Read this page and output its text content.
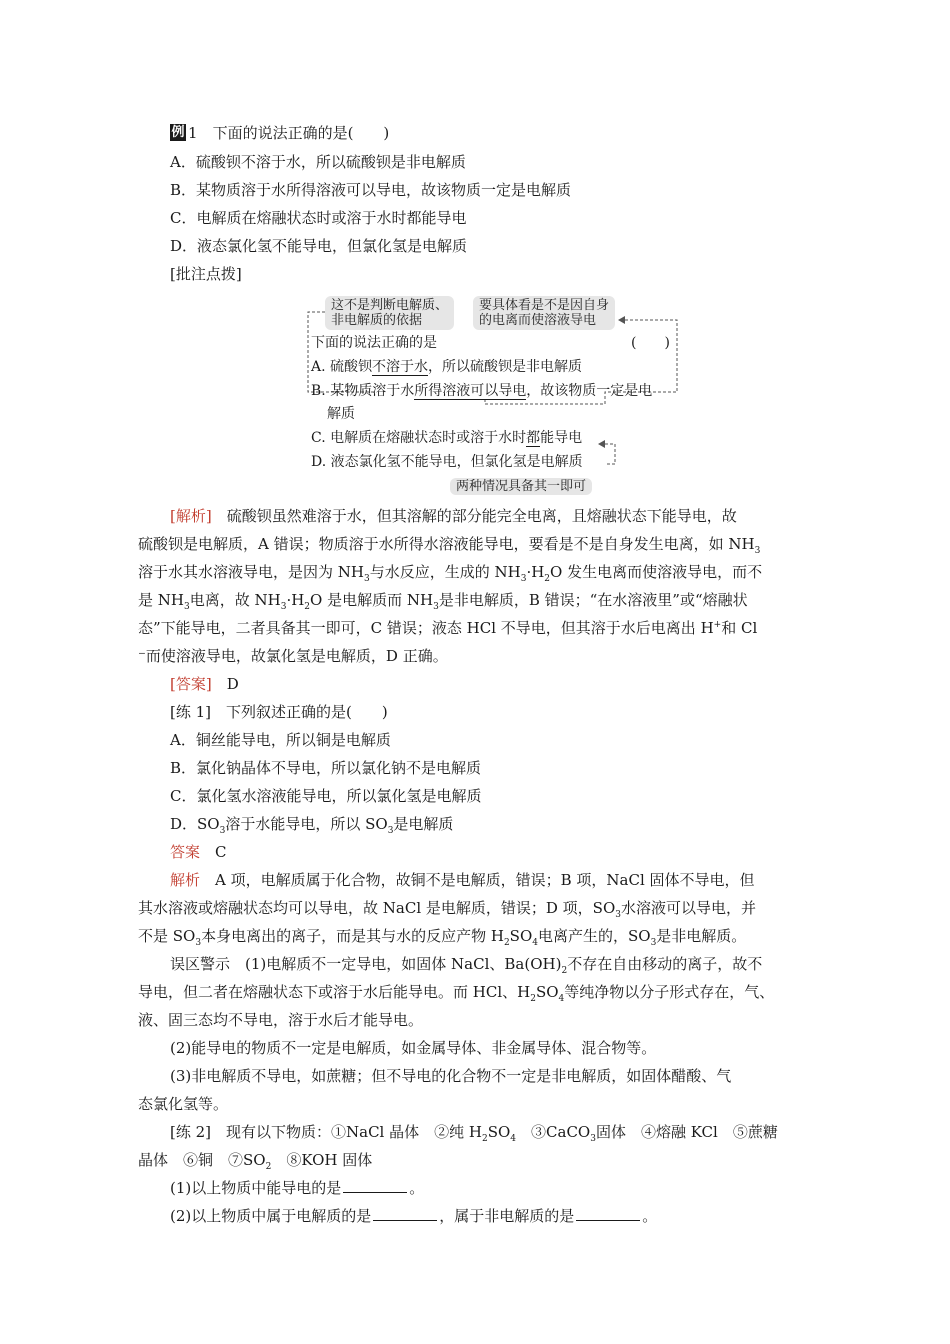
例 1　 下面的说法正确的是(　　)
A．硫酸钡不溶于水，所以硫酸钡是非电解质
B．某物质溶于水所得溶液可以导电，故该物质一定是电解质
C．电解质在熔融状态时或溶于水时都能导电
D．液态氯化氢不能导电，但氯化氢是电解质
[批注点拨]
这不是判断电解质、
非电解质的依据
要具体看是不是因自身
的电离而使溶液导电
下面的说法正确的是	(　　)
A. 硫酸钡不溶于水，所以硫酸钡是非电解质
B. 某物质溶于水所得溶液可以导电，故该物质一定是电
解质
C. 电解质在熔融状态时或溶于水时都能导电
D. 液态氯化氢不能导电，但氯化氢是电解质
两种情况具备其一即可
[解析]　 硫酸钡虽然难溶于水，但其溶解的部分能完全电离，且熔融状态下能导电，故
硫酸钡是电解质，A 错误；物质溶于水所得水溶液能导电，要看是不是自身发生电离，如 $NH_3$
溶于水其水溶液导电，是因为 $NH_3$与水反应，生成的 $NH_3\cdot H_2O$ 发生电离而使溶液导电，而不
是 $NH_3$电离，故 $NH_3\cdot H_2O$ 是电解质而 $NH_3$是非电解质，B 错误；“在水溶液里”或“熔融状
态”下能导电，二者具备其一即可，C 错误；液态 HCl 不导电，但其溶于水后电离出 H+和 Cl
⁻而使溶液导电，故氯化氢是电解质，D 正确。
[答案]　 D
[练 1]　下列叙述正确的是(　　)
A．铜丝能导电，所以铜是电解质
B．氯化钠晶体不导电，所以氯化钠不是电解质
C．氯化氢水溶液能导电，所以氯化氢是电解质
D．$SO_3$溶于水能导电，所以 $SO_3$是电解质
答案　 C
解析　 A 项，电解质属于化合物，故铜不是电解质，错误；B 项，NaCl 固体不导电，但
其水溶液或熔融状态均可以导电，故 NaCl 是电解质，错误；D 项，$SO_3$水溶液可以导电，并
不是 $SO_3$本身电离出的离子，而是其与水的反应产物 $H_2SO_4$电离产生的，$SO_3$是非电解质。
误区警示　 (1)电解质不一定导电，如固体 NaCl、$Ba(OH)_2$不存在自由移动的离子，故不
导电，但二者在熔融状态下或溶于水后能导电。而 HCl、$H_2SO_4$等纯净物以分子形式存在，气、
液、固三态均不导电，溶于水后才能导电。
(2)能导电的物质不一定是电解质，如金属导体、非金属导体、混合物等。
(3)非电解质不导电，如蔗糖；但不导电的化合物不一定是非电解质，如固体醋酸、气
态氯化氢等。
[练 2]　现有以下物质：①NaCl 晶体　②纯 $H_2SO_4$　③CaCO$_3$固体　④熔融 KCl　⑤蔗糖
晶体　⑥铜　$⑦SO_2$　⑧KOH 固体
(1)以上物质中能导电的是	。
(2)以上物质中属于电解质的是	，属于非电解质的是	。
